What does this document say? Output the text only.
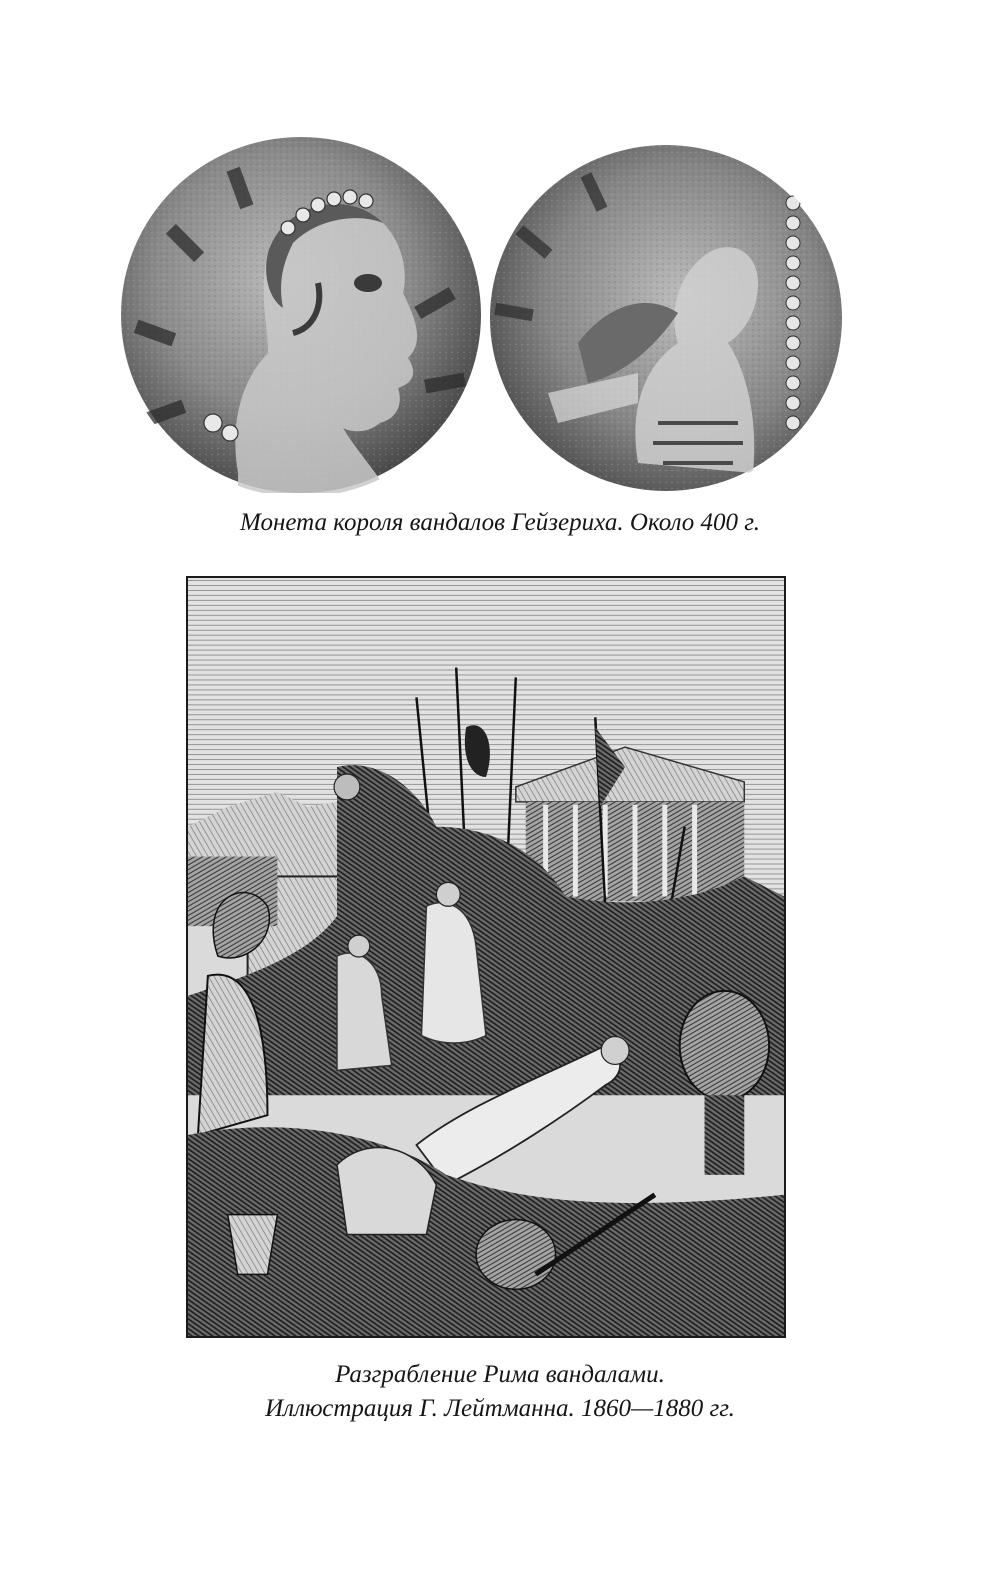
Монета короля вандалов Гейзериха. Около 400 г.
Разграбление Рима вандалами.
Иллюстрация Г. Лейтманна. 1860—1880 гг.
